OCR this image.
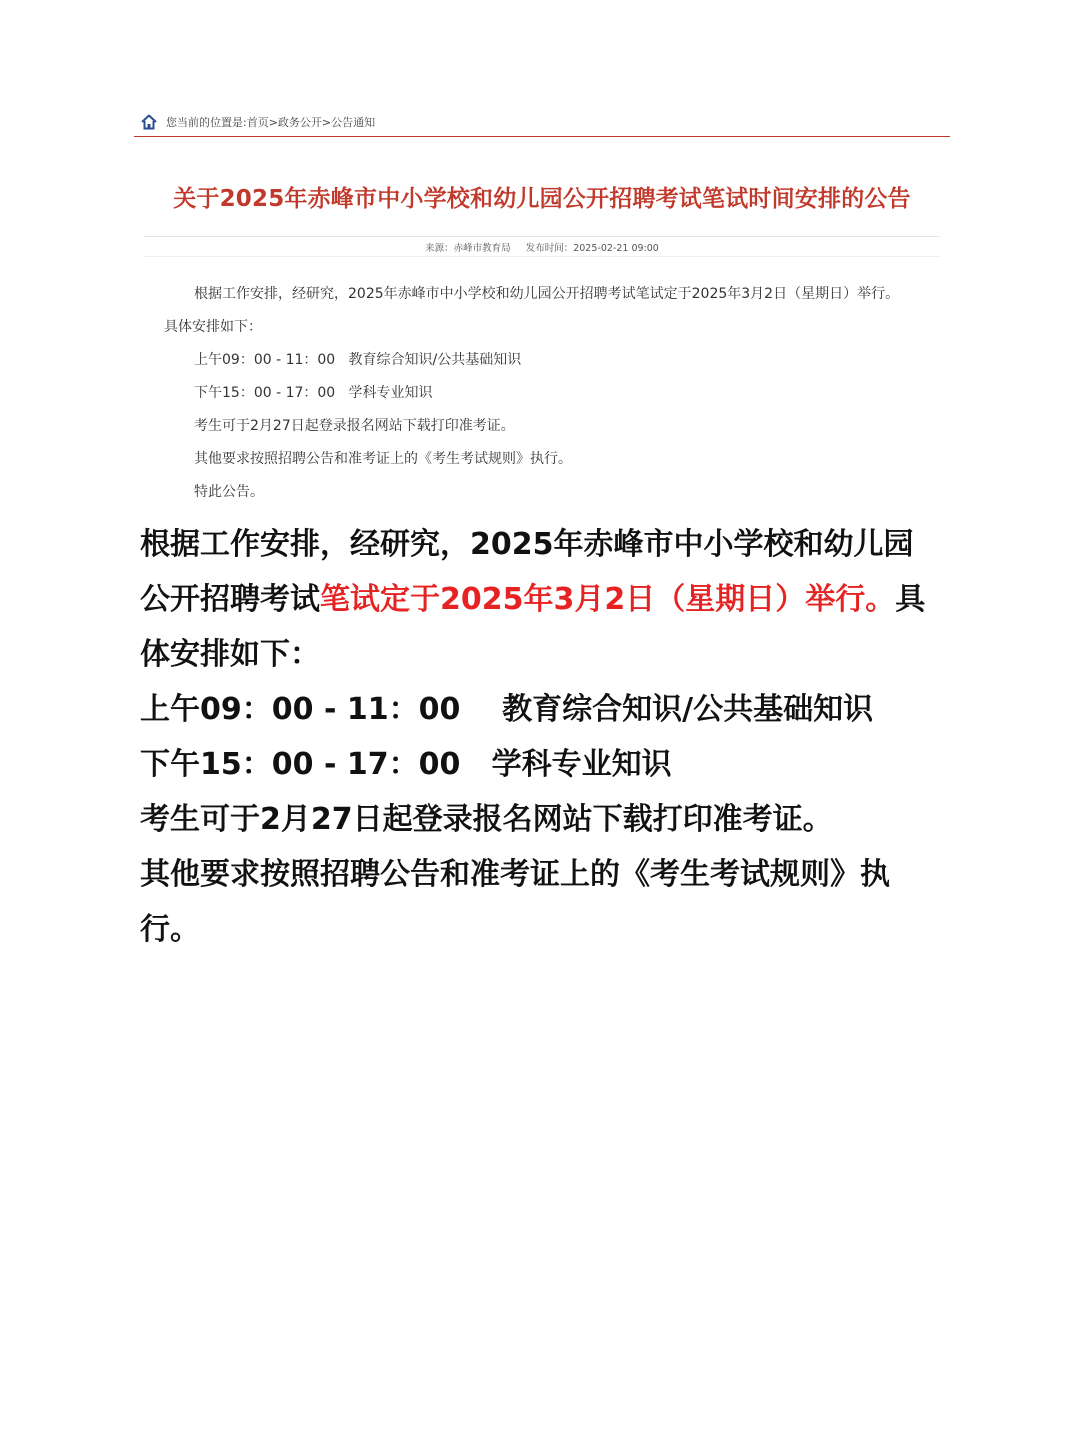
您当前的位置是:首页>政务公开>公告通知
关于2025年赤峰市中小学校和幼儿园公开招聘考试笔试时间安排的公告
来源：赤峰市教育局 发布时间：2025-02-21 09:00

根据工作安排，经研究，2025年赤峰市中小学校和幼儿园公开招聘考试笔试定于2025年3月2日（星期日）举行。具体安排如下：

上午09：00 - 11：00   教育综合知识/公共基础知识

下午15：00 - 17：00   学科专业知识

考生可于2月27日起登录报名网站下载打印准考证。

其他要求按照招聘公告和准考证上的《考生考试规则》执行。

特此公告。

根据工作安排，经研究，2025年赤峰市中小学校和幼儿园公开招聘考试笔试定于2025年3月2日（星期日）举行。具体安排如下：

上午09：00 - 11：00    教育综合知识/公共基础知识

下午15：00 - 17：00   学科专业知识

考生可于2月27日起登录报名网站下载打印准考证。

其他要求按照招聘公告和准考证上的《考生考试规则》执行。
